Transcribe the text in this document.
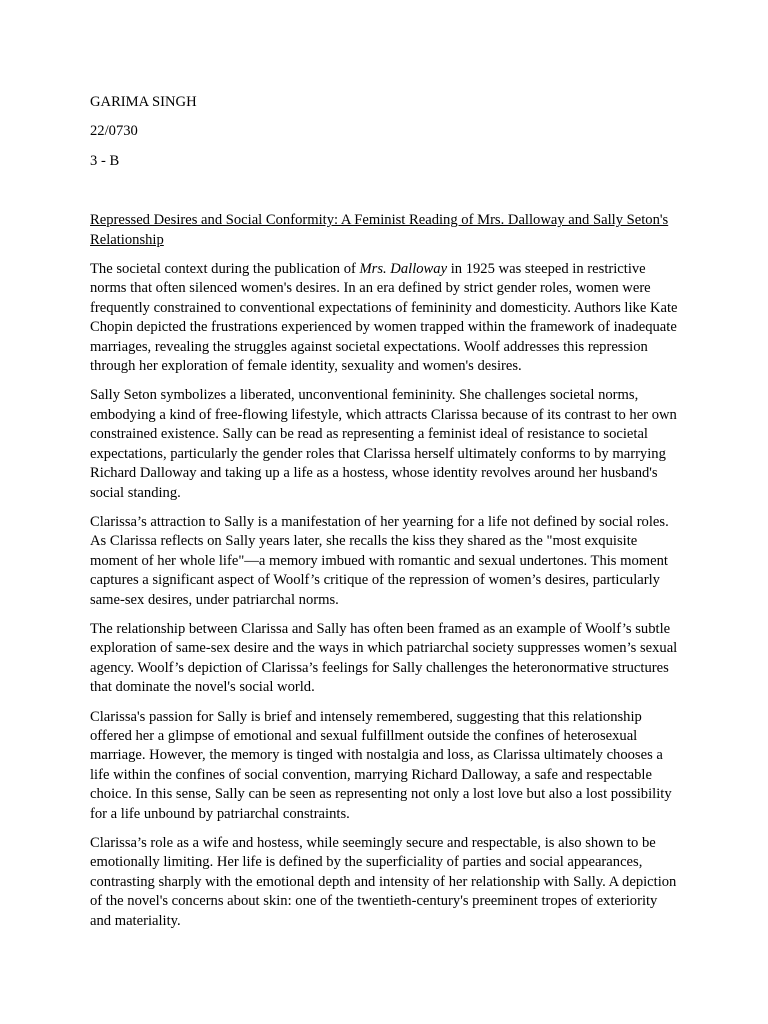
GARIMA SINGH
22/0730
3 - B
Repressed Desires and Social Conformity: A Feminist Reading of Mrs. Dalloway and Sally Seton's Relationship

The societal context during the publication of Mrs. Dalloway in 1925 was steeped in restrictive norms that often silenced women's desires. In an era defined by strict gender roles, women were frequently constrained to conventional expectations of femininity and domesticity. Authors like Kate Chopin depicted the frustrations experienced by women trapped within the framework of inadequate marriages, revealing the struggles against societal expectations. Woolf addresses this repression through her exploration of female identity, sexuality and women's desires.

Sally Seton symbolizes a liberated, unconventional femininity. She challenges societal norms, embodying a kind of free-flowing lifestyle, which attracts Clarissa because of its contrast to her own constrained existence. Sally can be read as representing a feminist ideal of resistance to societal expectations, particularly the gender roles that Clarissa herself ultimately conforms to by marrying Richard Dalloway and taking up a life as a hostess, whose identity revolves around her husband's social standing.

Clarissa’s attraction to Sally is a manifestation of her yearning for a life not defined by social roles. As Clarissa reflects on Sally years later, she recalls the kiss they shared as the "most exquisite moment of her whole life"—a memory imbued with romantic and sexual undertones. This moment captures a significant aspect of Woolf’s critique of the repression of women’s desires, particularly same-sex desires, under patriarchal norms.

The relationship between Clarissa and Sally has often been framed as an example of Woolf’s subtle exploration of same-sex desire and the ways in which patriarchal society suppresses women’s sexual agency. Woolf’s depiction of Clarissa’s feelings for Sally challenges the heteronormative structures that dominate the novel's social world.

Clarissa's passion for Sally is brief and intensely remembered, suggesting that this relationship offered her a glimpse of emotional and sexual fulfillment outside the confines of heterosexual marriage. However, the memory is tinged with nostalgia and loss, as Clarissa ultimately chooses a life within the confines of social convention, marrying Richard Dalloway, a safe and respectable choice. In this sense, Sally can be seen as representing not only a lost love but also a lost possibility for a life unbound by patriarchal constraints.

Clarissa’s role as a wife and hostess, while seemingly secure and respectable, is also shown to be emotionally limiting. Her life is defined by the superficiality of parties and social appearances, contrasting sharply with the emotional depth and intensity of her relationship with Sally. A depiction of the novel's concerns about skin: one of the twentieth-century's preeminent tropes of exteriority and materiality.
